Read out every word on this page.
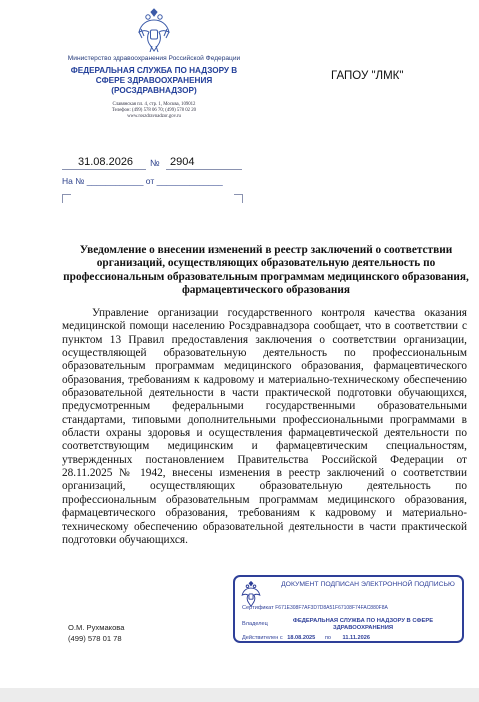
Министерство здравоохранения Российской Федерации
ФЕДЕРАЛЬНАЯ СЛУЖБА ПО НАДЗОРУ В СФЕРЕ ЗДРАВООХРАНЕНИЯ (РОСЗДРАВНАДЗОР)
Славянская пл. 4, стр. 1, Москва, 109012
Телефон: (499) 578 06 70; (499) 578 02 20
www.roszdravnadzor.gov.ru
31.08.2026 № 2904
На № ____________ от ______________
ГАПОУ "ЛМК"
Уведомление о внесении изменений в реестр заключений о соответствии организаций, осуществляющих образовательную деятельность по профессиональным образовательным программам медицинского образования, фармацевтического образования
Управление организации государственного контроля качества оказания медицинской помощи населению Росздравнадзора сообщает, что в соответствии с пунктом 13 Правил предоставления заключения о соответствии организации, осуществляющей образовательную деятельность по профессиональным образовательным программам медицинского образования, фармацевтического образования, требованиям к кадровому и материально-техническому обеспечению образовательной деятельности в части практической подготовки обучающихся, предусмотренным федеральными государственными образовательными стандартами, типовыми дополнительными профессиональными программами в области охраны здоровья и осуществления фармацевтической деятельности по соответствующим медицинским и фармацевтическим специальностям, утвержденных постановлением Правительства Российской Федерации от 28.11.2025 № 1942, внесены изменения в реестр заключений о соответствии организаций, осуществляющих образовательную деятельность по профессиональным образовательным программам медицинского образования, фармацевтического образования, требованиям к кадровому и материально-техническому обеспечению образовательной деятельности в части практической подготовки обучающихся.
О.М. Рухмакова
(499) 578 01 78
ДОКУМЕНТ ПОДПИСАН ЭЛЕКТРОННОЙ ПОДПИСЬЮ
Сертификат F671E308F7AF3D7D8A51F67108F74FAC880F8A
Владелец	ФЕДЕРАЛЬНАЯ СЛУЖБА ПО НАДЗОРУ В СФЕРЕ ЗДРАВООХРАНЕНИЯ
Действителен с 18.08.2025 по 11.11.2026
